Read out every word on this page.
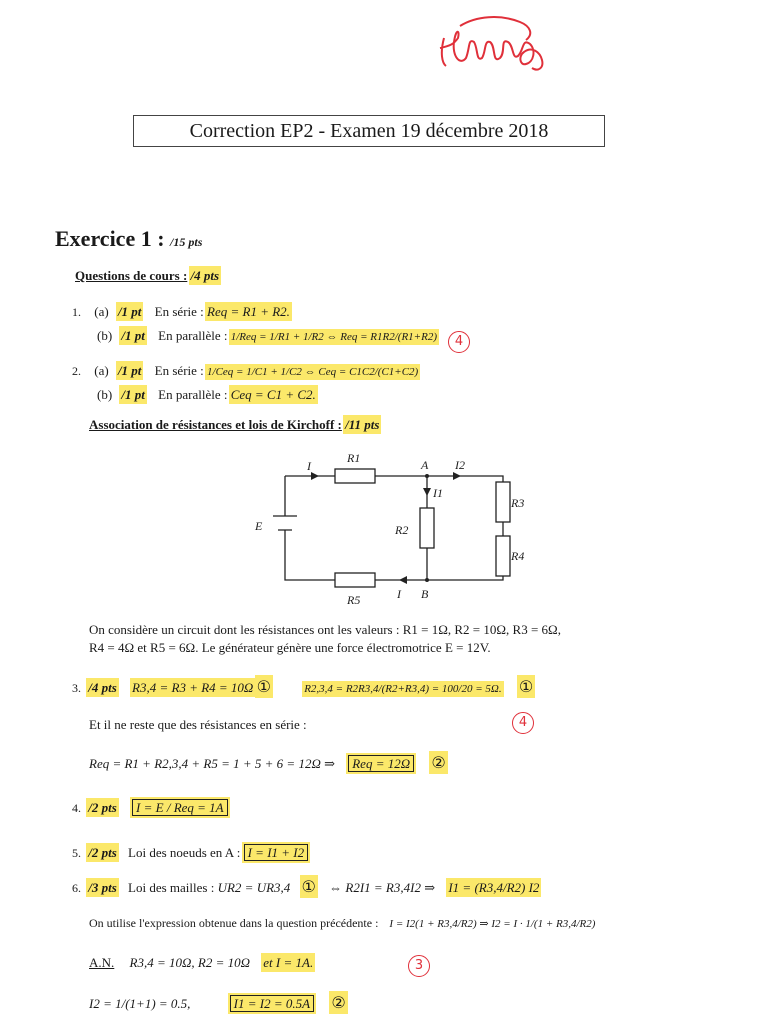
Correction EP2 - Examen 19 décembre 2018
Exercice 1 : /15 pts
Questions de cours : /4 pts
1. (a) /1 pt En série : Req = R1 + R2.
(b) /1 pt En parallèle : 1/Req = 1/R1 + 1/R2 ⇔ Req = R1R2/(R1+R2)	4
2. (a) /1 pt En série : 1/Ceq = 1/C1 + 1/C2 ⇔ Ceq = C1C2/(C1+C2)
(b) /1 pt En parallèle : Ceq = C1 + C2.
Association de résistances et lois de Kirchoff : /11 pts
I
R1	A I2
I1
E	R2
R3
R4
R5	I B
On considère un circuit dont les résistances ont les valeurs : R1 = 1Ω, R2 = 10Ω, R3 = 6Ω,
R4 = 4Ω et R5 = 6Ω. Le générateur génère une force électromotrice E = 12V.
3. /4 pts R3,4 = R3 + R4 = 10Ω ①	R2,3,4 = R2R3,4/(R2+R3,4) = 100/20 = 5Ω. ①
Et il ne reste que des résistances en série :	4
Req = R1 + R2,3,4 + R5 = 1 + 5 + 6 = 12Ω ⇒ Req = 12Ω ②
4. /2 pts I = E / Req = 1A
5. /2 pts Loi des noeuds en A : I = I1 + I2
6. /3 pts Loi des mailles : UR2 = UR3,4 ① ⇔ R2I1 = R3,4I2 ⇒ I1 = (R3,4/R2) I2
On utilise l'expression obtenue dans la question précédente : I = I2(1 + R3,4/R2) ⇒ I2 = I · 1/(1 + R3,4/R2)
A.N. R3,4 = 10Ω, R2 = 10Ω et I = 1A.	3
I2 = 1/(1+1) = 0.5,	I1 = I2 = 0.5A ②
